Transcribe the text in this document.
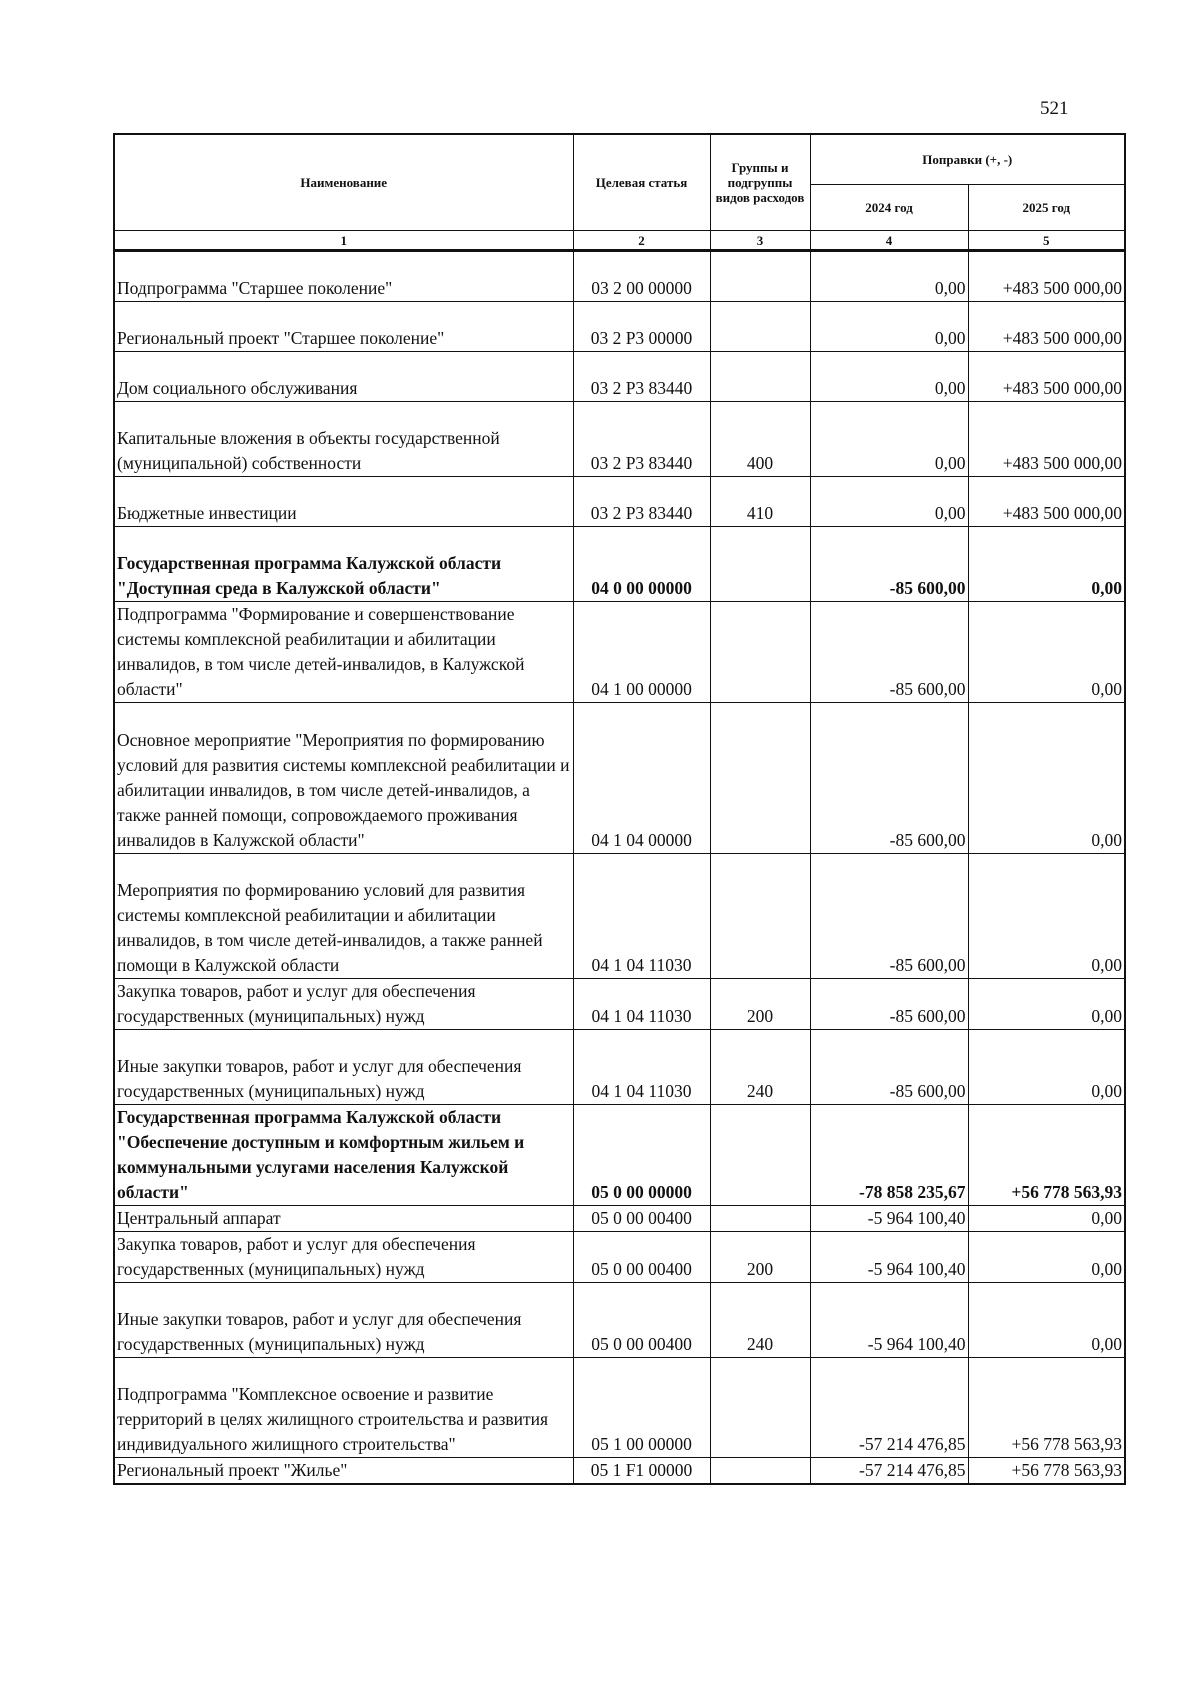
521
Наименование	Целевая статья	Группы и подгруппы видов расходов	Поправки (+, -)	
			2024 год	2025 год
1	2	3	4	5
Подпрограмма "Старшее поколение"	03 2 00 00000		0,00	+483 500 000,00
Региональный проект "Старшее поколение"	03 2 Р3 00000		0,00	+483 500 000,00
Дом социального обслуживания	03 2 Р3 83440		0,00	+483 500 000,00
Капитальные вложения в объекты государственной (муниципальной) собственности	03 2 Р3 83440	400	0,00	+483 500 000,00
Бюджетные инвестиции	03 2 Р3 83440	410	0,00	+483 500 000,00
Государственная программа Калужской области "Доступная среда в Калужской области"	04 0 00 00000		-85 600,00	0,00
Подпрограмма "Формирование и совершенствование системы комплексной реабилитации и абилитации инвалидов, в том числе детей-инвалидов, в Калужской области"	04 1 00 00000		-85 600,00	0,00
Основное мероприятие "Мероприятия по формированию условий для развития системы комплексной реабилитации и абилитации инвалидов, в том числе детей-инвалидов, а также ранней помощи, сопровождаемого проживания инвалидов в Калужской области"	04 1 04 00000		-85 600,00	0,00
Мероприятия по формированию условий для развития системы комплексной реабилитации и абилитации инвалидов, в том числе детей-инвалидов, а также ранней помощи в Калужской области	04 1 04 11030		-85 600,00	0,00
Закупка товаров, работ и услуг для обеспечения государственных (муниципальных) нужд	04 1 04 11030	200	-85 600,00	0,00
Иные закупки товаров, работ и услуг для обеспечения государственных (муниципальных) нужд	04 1 04 11030	240	-85 600,00	0,00
Государственная программа Калужской области "Обеспечение доступным и комфортным жильем и коммунальными услугами населения Калужской области"	05 0 00 00000		-78 858 235,67	+56 778 563,93
Центральный аппарат	05 0 00 00400		-5 964 100,40	0,00
Закупка товаров, работ и услуг для обеспечения государственных (муниципальных) нужд	05 0 00 00400	200	-5 964 100,40	0,00
Иные закупки товаров, работ и услуг для обеспечения государственных (муниципальных) нужд	05 0 00 00400	240	-5 964 100,40	0,00
Подпрограмма "Комплексное освоение и развитие территорий в целях жилищного строительства и развития индивидуального жилищного строительства"	05 1 00 00000		-57 214 476,85	+56 778 563,93
Региональный проект "Жилье"	05 1 F1 00000		-57 214 476,85	+56 778 563,93
